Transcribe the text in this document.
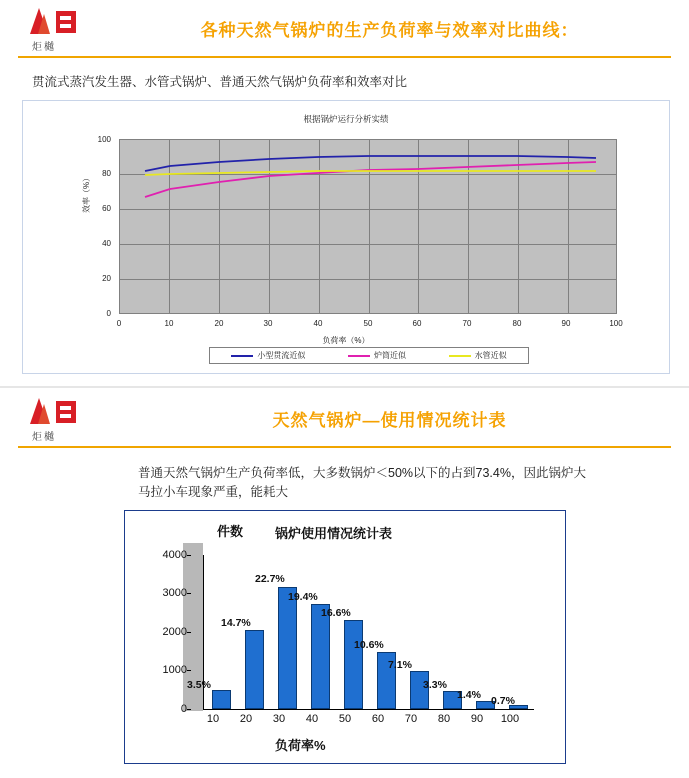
炬樾
各种天然气锅炉的生产负荷率与效率对比曲线：
贯流式蒸汽发生器、水管式锅炉、普通天然气锅炉负荷率和效率对比
根据锅炉运行分析实绩
效率（%）
100
80
60
40
20
0
0	10	20	30	40	50	60	70	80	90	100
负荷率（%）
小型贯流近似	炉筒近似	水管近似
炬樾
天然气锅炉—使用情况统计表
普通天然气锅炉生产负荷率低，大多数锅炉＜50%以下的占到73.4%，因此锅炉大马拉小车现象严重，能耗大
件数 锅炉使用情况统计表
4000
3000
2000
1000
0
3.5%
14.7%
22.7%
19.4%
16.6%
10.6%
7.1%
3.3%
1.4% 0.7%
10	20	30	40	50	60	70	80	90	100
负荷率%
